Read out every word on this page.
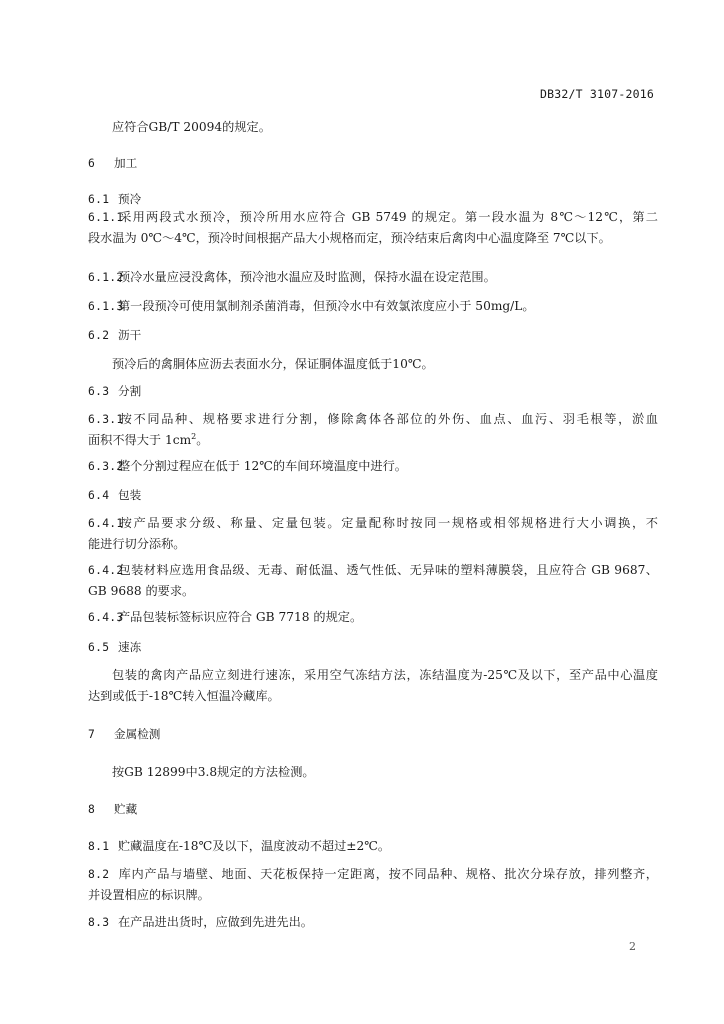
DB32/T 3107-2016

应符合GB/T 20094的规定。

6 加工

6.1 预冷

6.1.1采用两段式水预冷，预冷所用水应符合 GB 5749 的规定。第一段水温为 8℃～12℃，第二
段水温为 0℃～4℃，预冷时间根据产品大小规格而定，预冷结束后禽肉中心温度降至 7℃以下。

6.1.2预冷水量应浸没禽体，预冷池水温应及时监测，保持水温在设定范围。

6.1.3第一段预冷可使用氯制剂杀菌消毒，但预冷水中有效氯浓度应小于 50mg/L。

6.2 沥干

预冷后的禽胴体应沥去表面水分，保证胴体温度低于10℃。

6.3 分割

6.3.1按不同品种、规格要求进行分割，修除禽体各部位的外伤、血点、血污、羽毛根等，淤血
面积不得大于 $1cm^2$。

6.3.2整个分割过程应在低于 12℃的车间环境温度中进行。

6.4 包装

6.4.1按产品要求分级、称量、定量包装。定量配称时按同一规格或相邻规格进行大小调换，不
能进行切分添称。
6.4.2包装材料应选用食品级、无毒、耐低温、透气性低、无异味的塑料薄膜袋，且应符合 GB 9687、
GB 9688 的要求。

6.4.3产品包装标签标识应符合 GB 7718 的规定。

6.5 速冻

包装的禽肉产品应立刻进行速冻，采用空气冻结方法，冻结温度为-25℃及以下，至产品中心温度
达到或低于-18℃转入恒温冷藏库。

7 金属检测

按GB 12899中3.8规定的方法检测。

8 贮藏

8.1 贮藏温度在-18℃及以下，温度波动不超过±2℃。

8.2 库内产品与墙壁、地面、天花板保持一定距离，按不同品种、规格、批次分垛存放，排列整齐，
并设置相应的标识牌。

8.3 在产品进出货时，应做到先进先出。

2
